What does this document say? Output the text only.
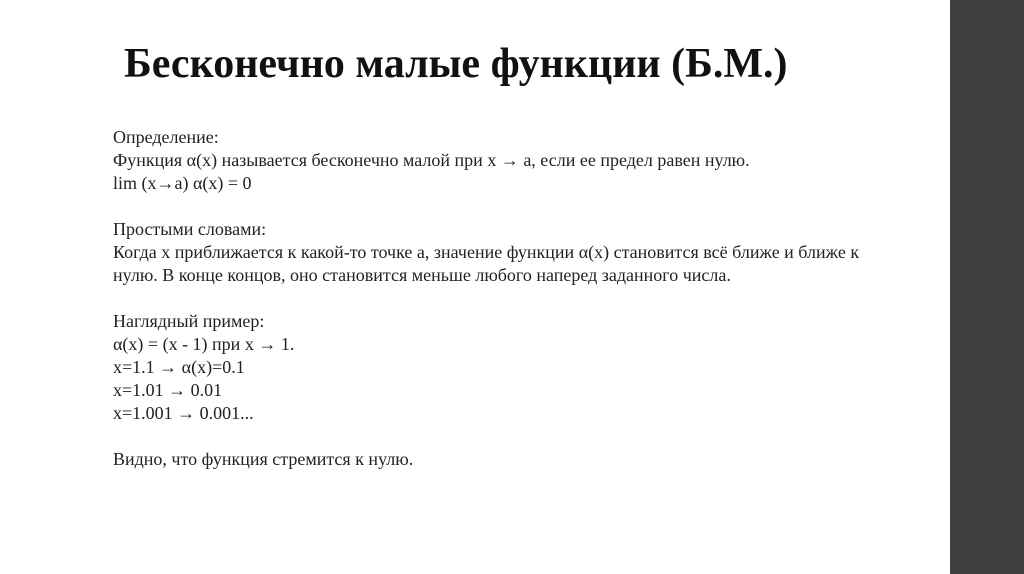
Бесконечно малые функции (Б.М.)
Определение:
Функция α(x) называется бесконечно малой при x → a, если ее предел равен нулю.
lim (x→a) α(x) = 0
Простыми словами:
Когда x приближается к какой-то точке a, значение функции α(x) становится всё ближе и ближе к
нулю. В конце концов, оно становится меньше любого наперед заданного числа.
Наглядный пример:
α(x) = (x - 1) при x → 1.
x=1.1 → α(x)=0.1
x=1.01 → 0.01
x=1.001 → 0.001...
Видно, что функция стремится к нулю.
